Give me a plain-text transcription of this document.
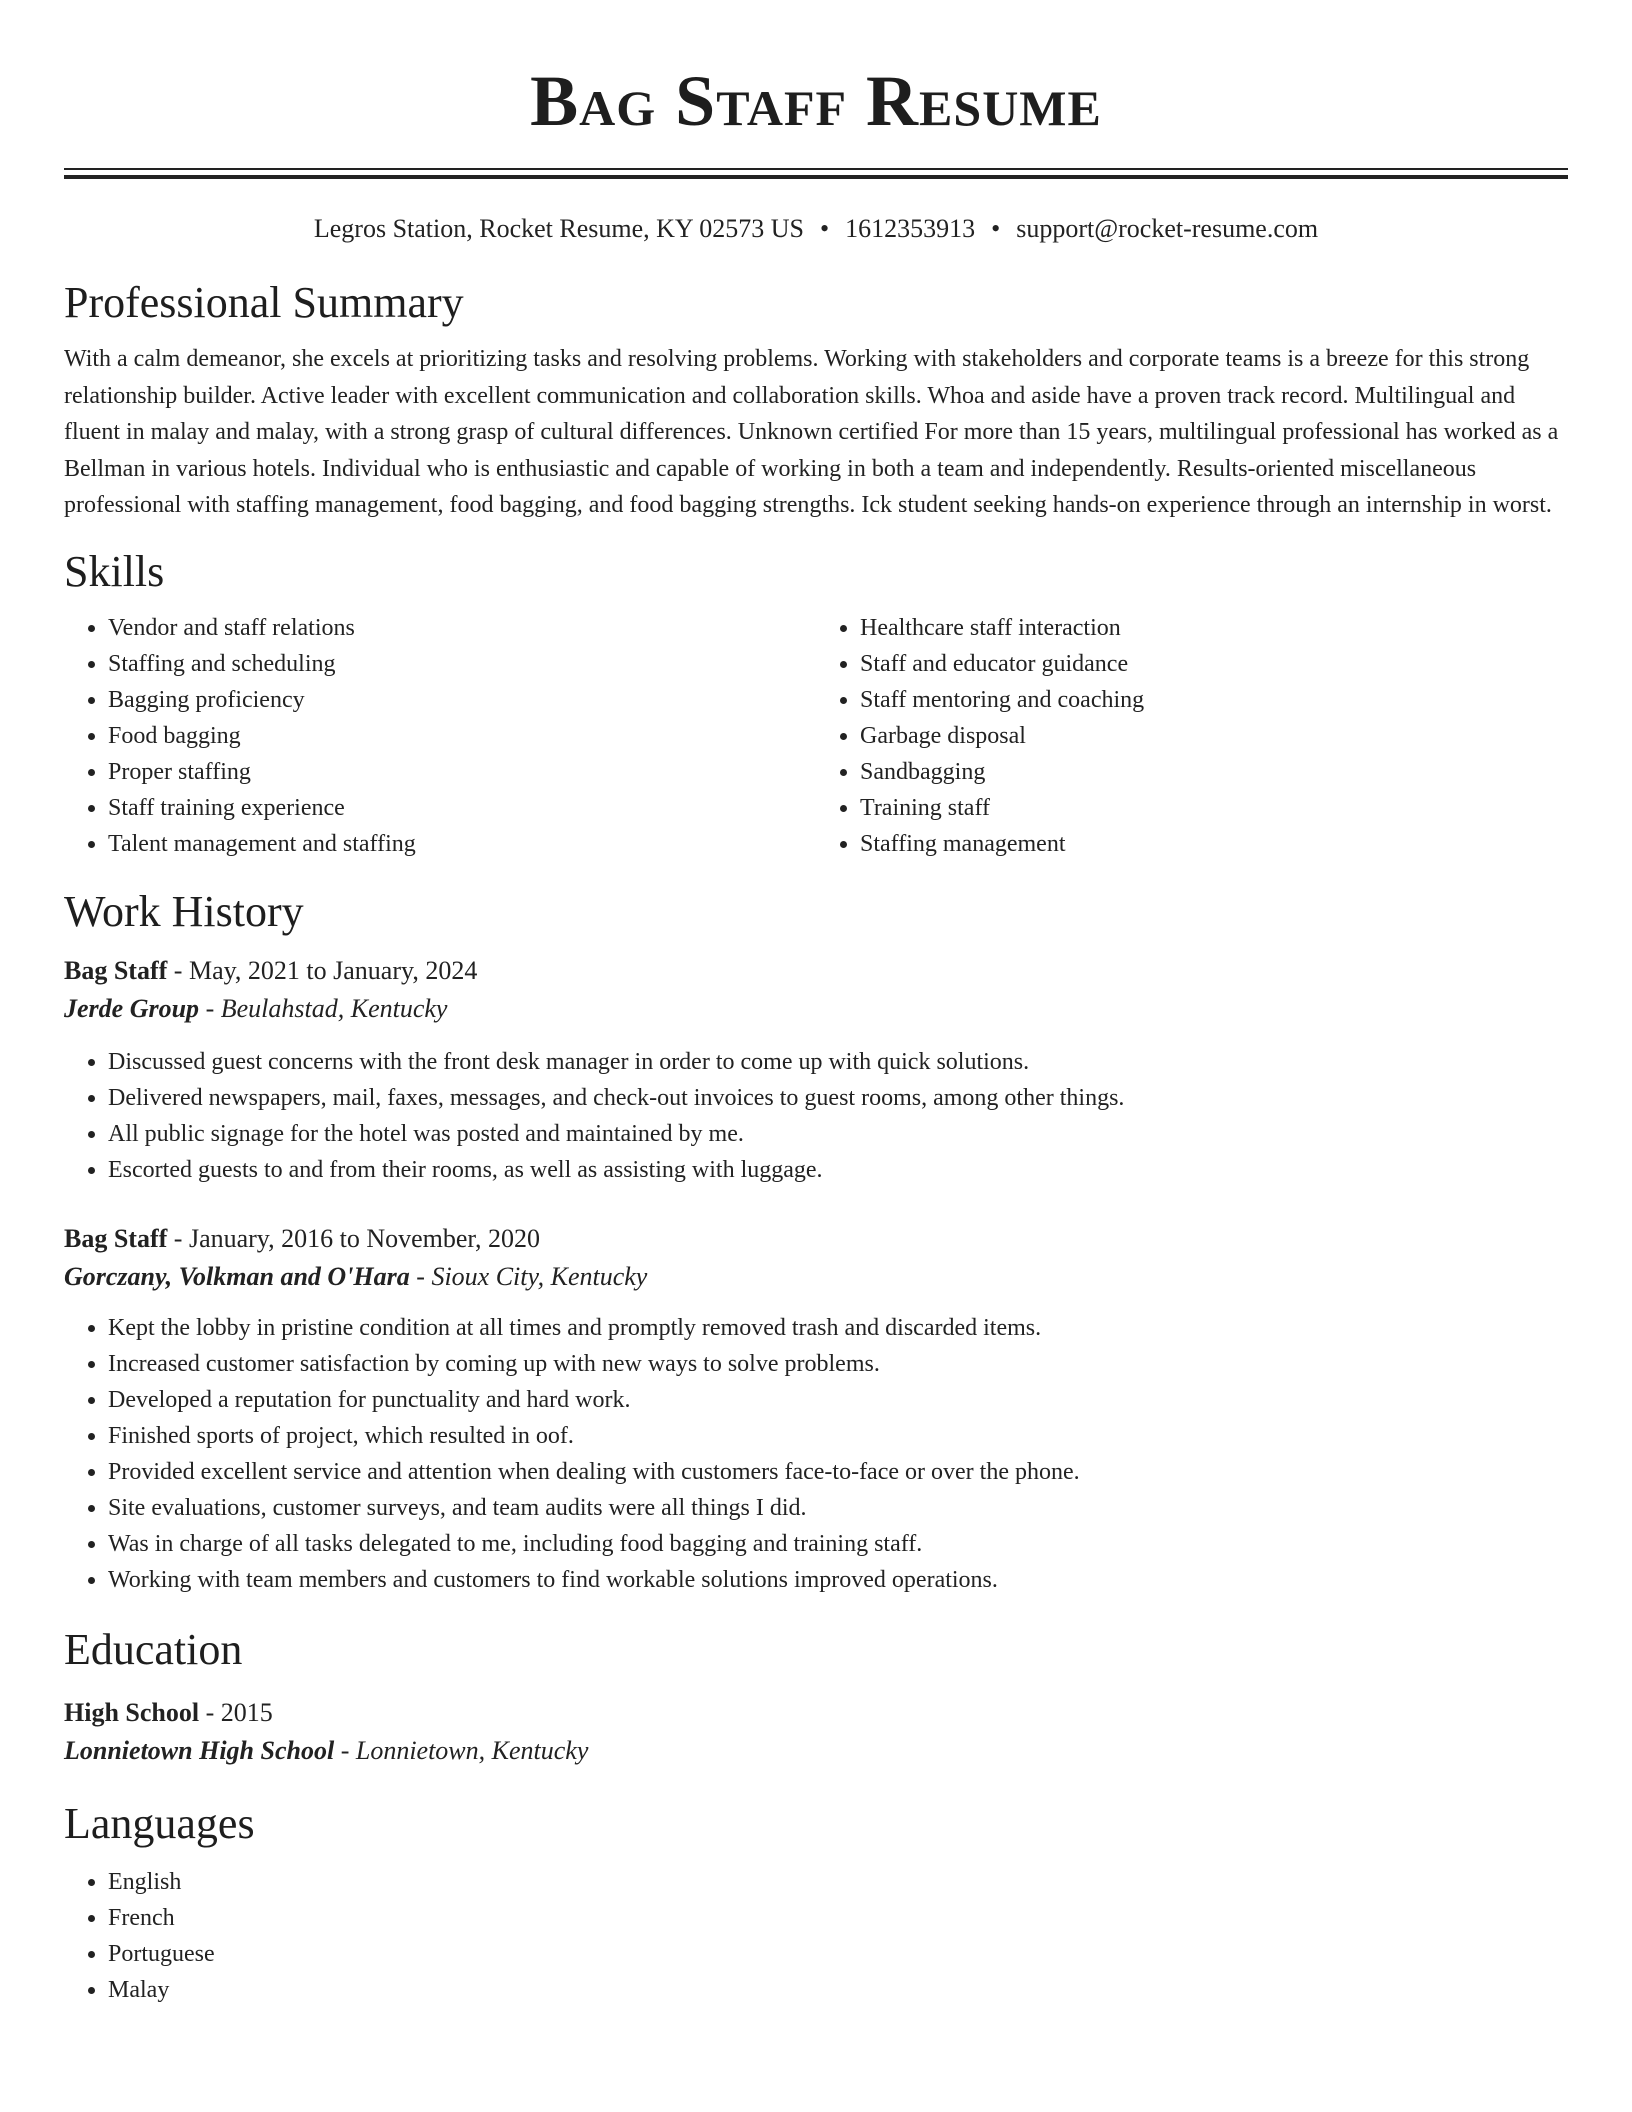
Bag Staff Resume
Legros Station, Rocket Resume, KY 02573 US • 1612353913 • support@rocket-resume.com
Professional Summary

With a calm demeanor, she excels at prioritizing tasks and resolving problems. Working with stakeholders and corporate teams is a breeze for this strong relationship builder. Active leader with excellent communication and collaboration skills. Whoa and aside have a proven track record. Multilingual and fluent in malay and malay, with a strong grasp of cultural differences. Unknown certified For more than 15 years, multilingual professional has worked as a Bellman in various hotels. Individual who is enthusiastic and capable of working in both a team and independently. Results-oriented miscellaneous professional with staffing management, food bagging, and food bagging strengths. Ick student seeking hands-on experience through an internship in worst.

Skills
• Vendor and staff relations
• Staffing and scheduling
• Bagging proficiency
• Food bagging
• Proper staffing
• Staff training experience
• Talent management and staffing
• Healthcare staff interaction
• Staff and educator guidance
• Staff mentoring and coaching
• Garbage disposal
• Sandbagging
• Training staff
• Staffing management
Work History
Bag Staff - May, 2021 to January, 2024
Jerde Group - Beulahstad, Kentucky
• Discussed guest concerns with the front desk manager in order to come up with quick solutions.
• Delivered newspapers, mail, faxes, messages, and check-out invoices to guest rooms, among other things.
• All public signage for the hotel was posted and maintained by me.
• Escorted guests to and from their rooms, as well as assisting with luggage.
Bag Staff - January, 2016 to November, 2020
Gorczany, Volkman and O'Hara - Sioux City, Kentucky
• Kept the lobby in pristine condition at all times and promptly removed trash and discarded items.
• Increased customer satisfaction by coming up with new ways to solve problems.
• Developed a reputation for punctuality and hard work.
• Finished sports of project, which resulted in oof.
• Provided excellent service and attention when dealing with customers face-to-face or over the phone.
• Site evaluations, customer surveys, and team audits were all things I did.
• Was in charge of all tasks delegated to me, including food bagging and training staff.
• Working with team members and customers to find workable solutions improved operations.
Education
High School - 2015
Lonnietown High School - Lonnietown, Kentucky
Languages
• English
• French
• Portuguese
• Malay
